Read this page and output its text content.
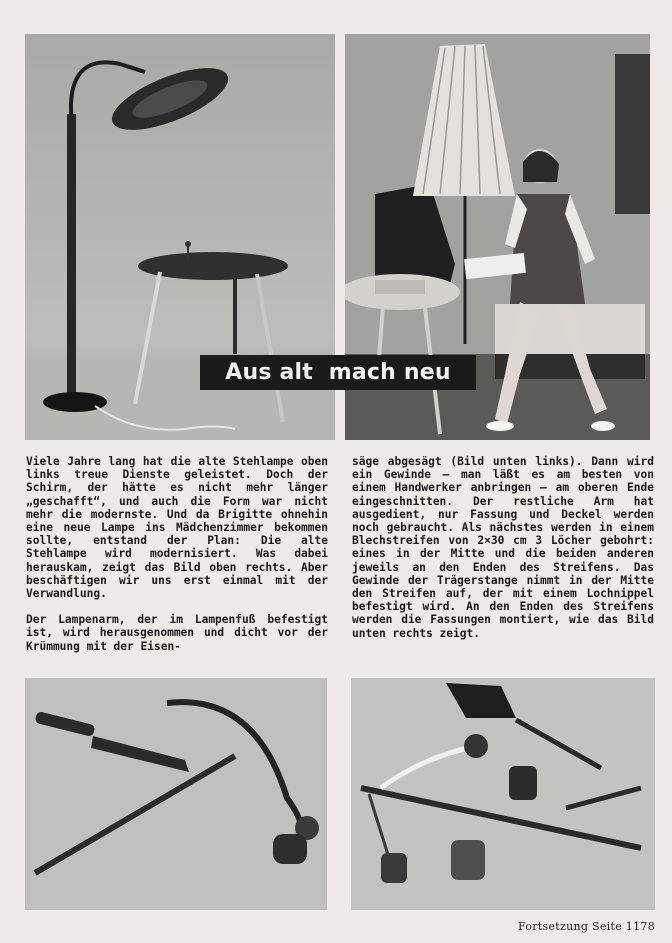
Aus alt  mach neu

Viele Jahre lang hat die alte Stehlampe oben links treue Dienste geleistet. Doch der Schirm, der hätte es nicht mehr länger „geschafft“, und auch die Form war nicht mehr die modernste. Und da Brigitte ohnehin eine neue Lampe ins Mädchenzimmer bekommen sollte, entstand der Plan: Die alte Stehlampe wird modernisiert. Was dabei herauskam, zeigt das Bild oben rechts. Aber beschäftigen wir uns erst einmal mit der Verwandlung.

Der Lampenarm, der im Lampenfuß befestigt ist, wird herausgenommen und dicht vor der Krümmung mit der Eisen-

säge abgesägt (Bild unten links). Dann wird ein Gewinde — man läßt es am besten von einem Handwerker anbringen — am oberen Ende eingeschnitten. Der restliche Arm hat ausgedient, nur Fassung und Deckel werden noch gebraucht. Als nächstes werden in einem Blechstreifen von 2×30 cm 3 Löcher gebohrt: eines in der Mitte und die beiden anderen jeweils an den Enden des Streifens. Das Gewinde der Trägerstange nimmt in der Mitte den Streifen auf, der mit einem Lochnippel befestigt wird. An den Enden des Streifens werden die Fassungen montiert, wie das Bild unten rechts zeigt.

Fortsetzung Seite 1178
